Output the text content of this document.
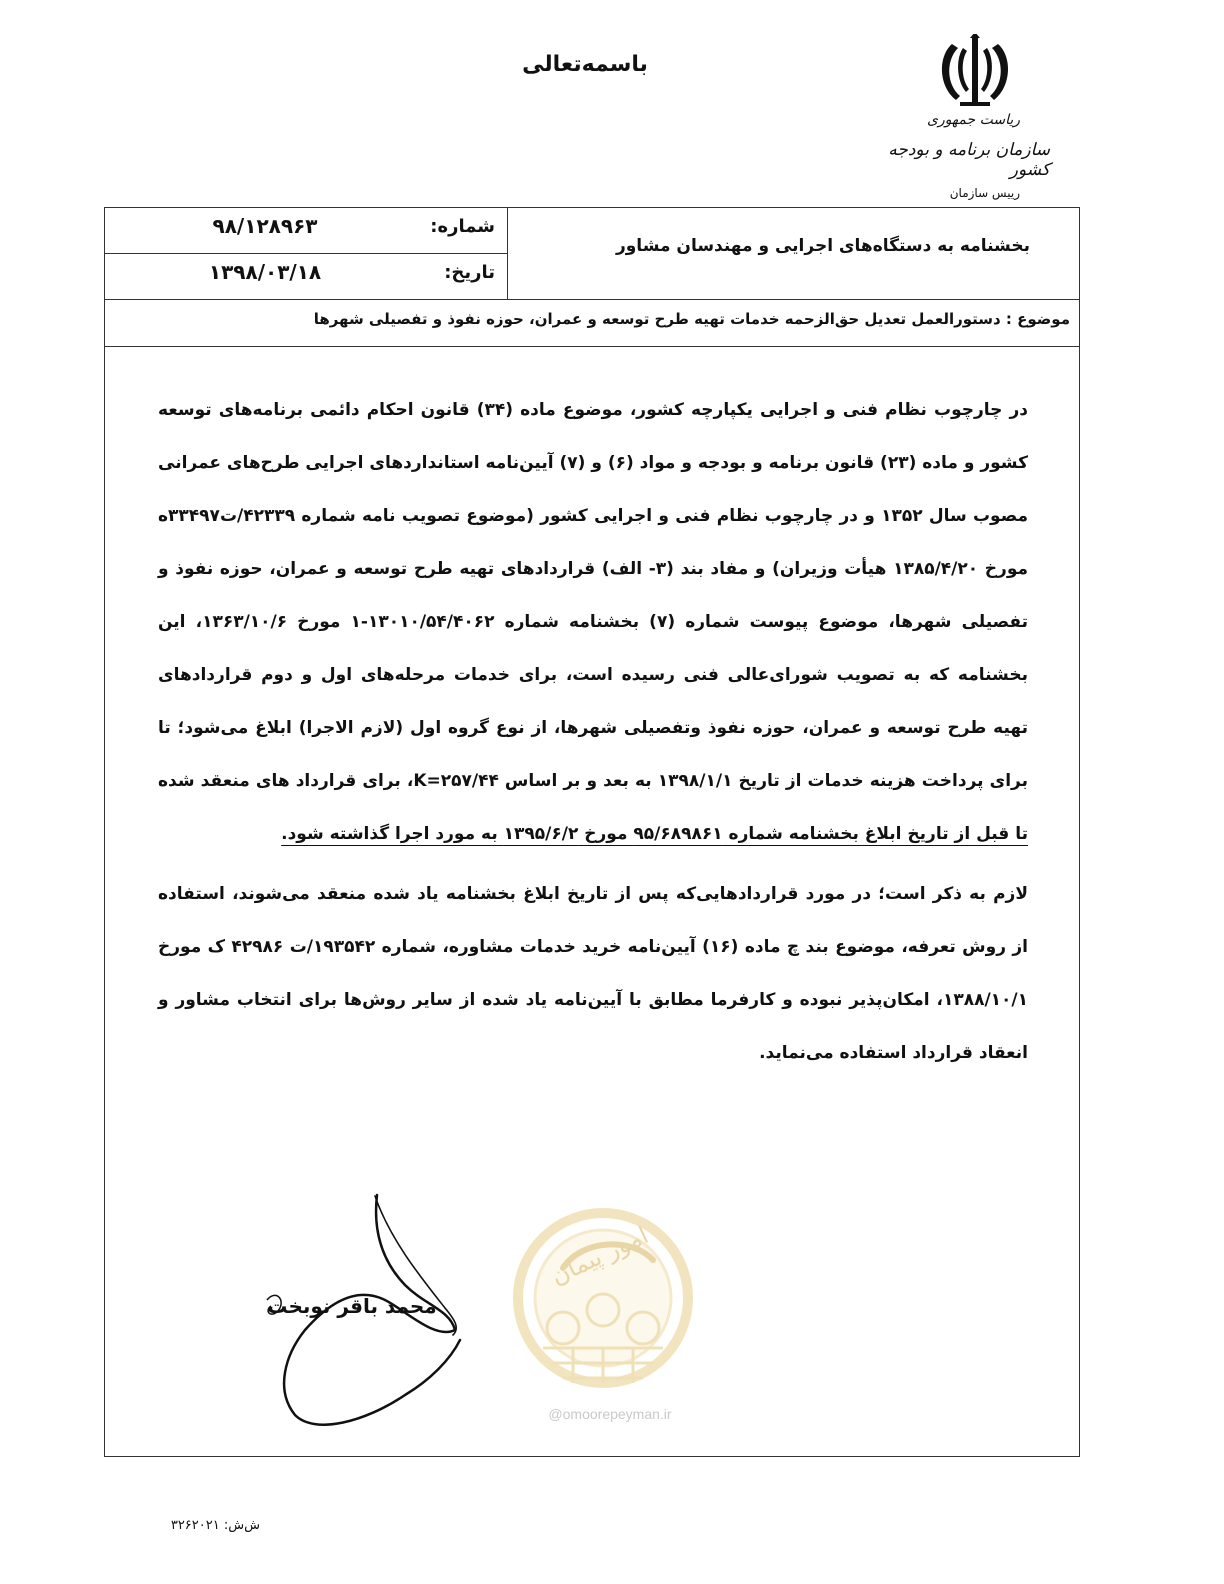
باسمه‌تعالی
ریاست جمهوری
سازمان برنامه و بودجه کشور
رییس سازمان
شماره:
۹۸/۱۲۸۹۶۳
تاریخ:
۱۳۹۸/۰۳/۱۸
بخشنامه به دستگاه‌های اجرایی و مهندسان مشاور
موضوع : دستورالعمل تعدیل حق‌الزحمه خدمات تهیه طرح توسعه و عمران، حوزه نفوذ و تفصیلی شهرها
در چارچوب نظام فنی و اجرایی یکپارچه کشور، موضوع ماده (۳۴) قانون احکام دائمی برنامه‌های توسعه کشور و ماده (۲۳) قانون برنامه و بودجه و مواد (۶) و (۷) آیین‌نامه استانداردهای اجرایی طرح‌های عمرانی مصوب سال ۱۳۵۲ و در چارچوب نظام فنی و اجرایی کشور (موضوع تصویب نامه شماره ۴۲۳۳۹/ت۳۳۴۹۷ه مورخ ۱۳۸۵/۴/۲۰ هیأت وزیران) و مفاد بند (۳- الف) قراردادهای تهیه طرح توسعه و عمران، حوزه نفوذ و تفصیلی شهرها، موضوع پیوست شماره (۷) بخشنامه شماره ۱۳۰۱۰/۵۴/۴۰۶۲-۱ مورخ ۱۳۶۳/۱۰/۶، این بخشنامه که به تصویب شورای‌عالی فنی رسیده است، برای خدمات مرحله‌های اول و دوم قراردادهای تهیه طرح توسعه و عمران، حوزه نفوذ وتفصیلی شهرها، از نوع گروه اول (لازم الاجرا) ابلاغ می‌شود؛ تا برای پرداخت هزینه خدمات از تاریخ ۱۳۹۸/۱/۱ به بعد و بر اساس K=۲۵۷/۴۴، برای قرارداد های منعقد شده تا قبل از تاریخ ابلاغ بخشنامه شماره ۹۵/۶۸۹۸۶۱ مورخ ۱۳۹۵/۶/۲ به مورد اجرا گذاشته شود.
لازم به ذکر است؛ در مورد قراردادهایی‌که پس از تاریخ ابلاغ بخشنامه یاد شده منعقد می‌شوند، استفاده از روش تعرفه، موضوع بند چ ماده (۱۶) آیین‌نامه خرید خدمات مشاوره، شماره ۱۹۳۵۴۲/ت ۴۲۹۸۶ ک مورخ ۱۳۸۸/۱۰/۱، امکان‌پذیر نبوده و کارفرما مطابق با آیین‌نامه یاد شده از سایر روش‌ها برای انتخاب مشاور و انعقاد قرارداد استفاده می‌نماید.
محمد باقر نوبخت
امور پیمان
@omoorepeyman.ir
ش‌ش: ۳۲۶۲۰۲۱
